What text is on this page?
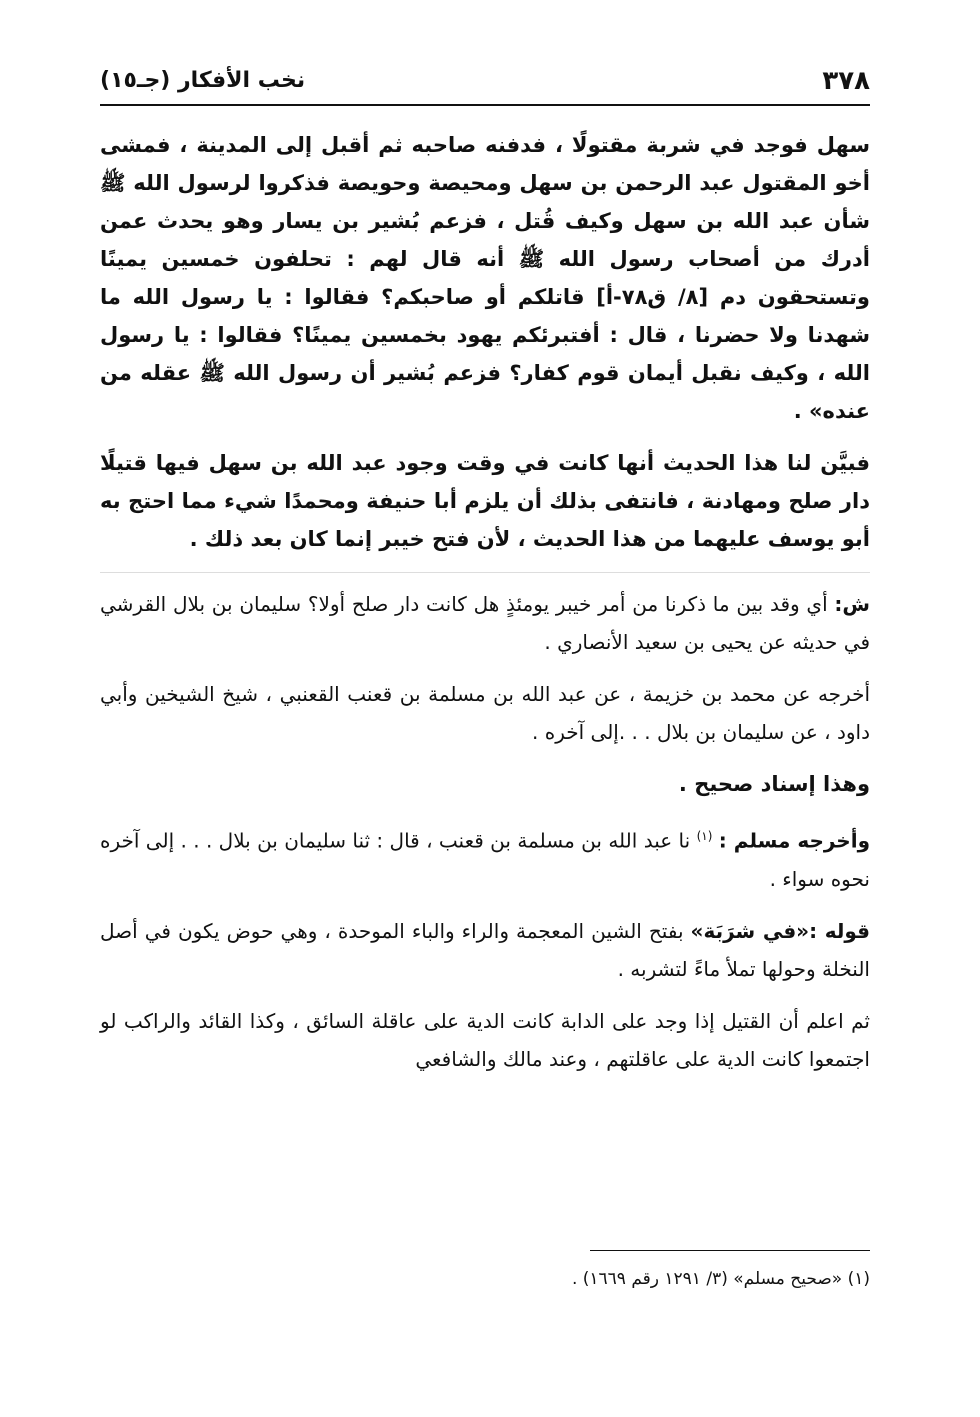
٣٧٨
نخب الأفكار (جـ١٥)

سهل فوجد في شربة مقتولًا ، فدفنه صاحبه ثم أقبل إلى المدينة ، فمشى أخو المقتول عبد الرحمن بن سهل ومحيصة وحويصة فذكروا لرسول الله ﷺ شأن عبد الله بن سهل وكيف قُتل ، فزعم بُشير بن يسار وهو يحدث عمن أدرك من أصحاب رسول الله ﷺ أنه قال لهم : تحلفون خمسين يمينًا وتستحقون دم [٨/ ق٧٨-أ] قاتلكم أو صاحبكم؟ فقالوا : يا رسول الله ما شهدنا ولا حضرنا ، قال : أفتبرئكم يهود بخمسين يمينًا؟ فقالوا : يا رسول الله ، وكيف نقبل أيمان قوم كفار؟ فزعم بُشير أن رسول الله ﷺ عقله من عنده» .

فبيَّن لنا هذا الحديث أنها كانت في وقت وجود عبد الله بن سهل فيها قتيلًا دار صلح ومهادنة ، فانتفى بذلك أن يلزم أبا حنيفة ومحمدًا شيء مما احتج به أبو يوسف عليهما من هذا الحديث ، لأن فتح خيبر إنما كان بعد ذلك .

ش: أي وقد بين ما ذكرنا من أمر خيبر يومئذٍ هل كانت دار صلح أولا؟ سليمان بن بلال القرشي في حديثه عن يحيى بن سعيد الأنصاري .

أخرجه عن محمد بن خزيمة ، عن عبد الله بن مسلمة بن قعنب القعنبي ، شيخ الشيخين وأبي داود ، عن سليمان بن بلال . . .إلى آخره .

وهذا إسناد صحيح .

وأخرجه مسلم : $^{(١)}$ نا عبد الله بن مسلمة بن قعنب ، قال : ثنا سليمان بن بلال . . . إلى آخره نحوه سواء .

قوله :«في شرَبَة» بفتح الشين المعجمة والراء والباء الموحدة ، وهي حوض يكون في أصل النخلة وحولها تملأ ماءً لتشربه .

ثم اعلم أن القتيل إذا وجد على الدابة كانت الدية على عاقلة السائق ، وكذا القائد والراكب لو اجتمعوا كانت الدية على عاقلتهم ، وعند مالك والشافعي

(١) «صحيح مسلم» (٣/ ١٢٩١ رقم ١٦٦٩) .
